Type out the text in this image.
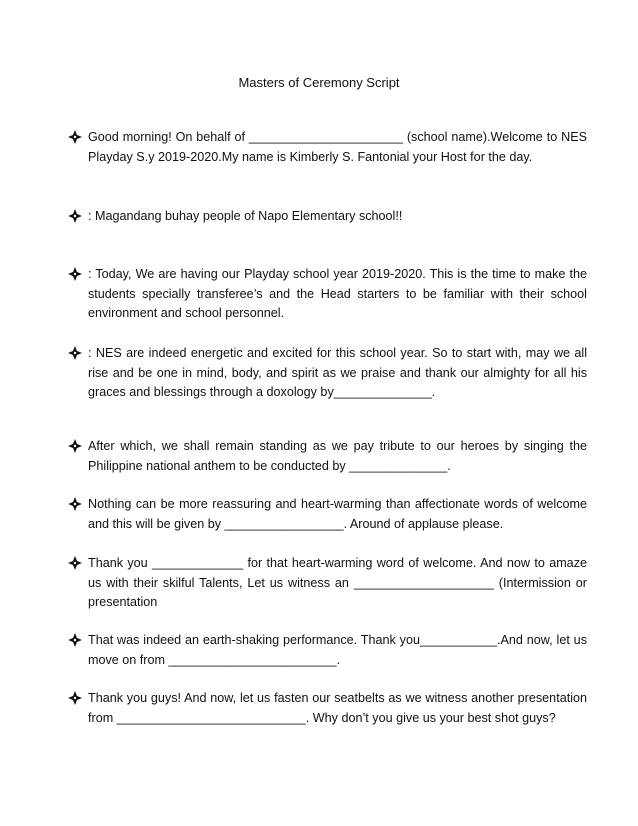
Masters of Ceremony Script
Good morning! On behalf of ______________________ (school name).Welcome to NES Playday S.y 2019-2020.My name is Kimberly S. Fantonial your Host for the day.
: Magandang buhay people of Napo Elementary school!!
: Today, We are having our Playday school year 2019-2020. This is the time to make the students specially transferee’s and the Head starters to be familiar with their school environment and school personnel.
: NES are indeed energetic and excited for this school year. So to start with, may we all rise and be one in mind, body, and spirit as we praise and thank our almighty for all his graces and blessings through a doxology by______________.
After which, we shall remain standing as we pay tribute to our heroes by singing the Philippine national anthem to be conducted by ______________.
Nothing can be more reassuring and heart-warming than affectionate words of welcome and this will be given by _________________. Around of applause please.
Thank you _____________ for that heart-warming word of welcome. And now to amaze us with their skilful Talents, Let us witness an ____________________ (Intermission or presentation
That was indeed an earth-shaking performance. Thank you___________.And now, let us move on from ________________________.
Thank you guys! And now, let us fasten our seatbelts as we witness another presentation from ___________________________. Why don’t you give us your best shot guys?
